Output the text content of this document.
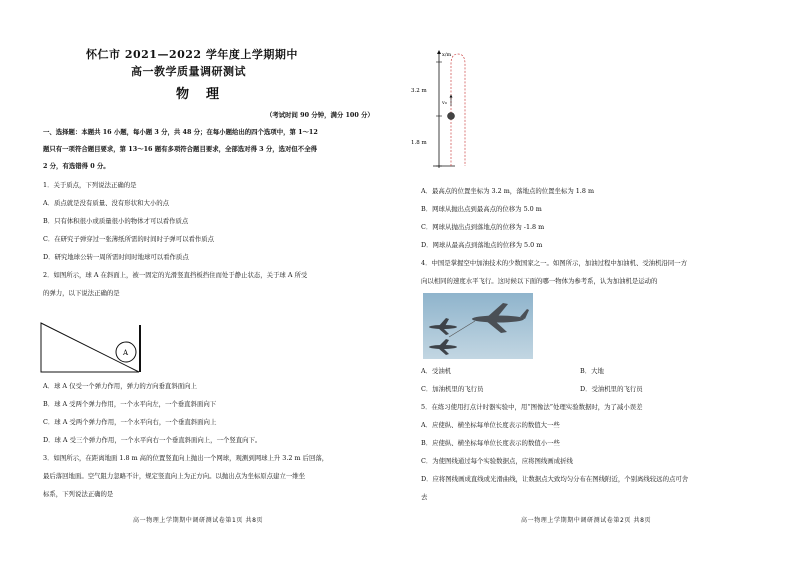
怀仁市 2021—2022 学年度上学期期中
高一教学质量调研测试
物　理
（考试时间 90 分钟，满分 100 分）
一、选择题：本题共 16 小题，每小题 3 分，共 48 分；在每小题给出的四个选项中，第 1～12
题只有一项符合题目要求，第 13～16 题有多项符合题目要求，全部选对得 3 分，选对但不全得
2 分，有选错得 0 分。
1．关于质点，下列说法正确的是
A．质点就是没有质量、没有形状和大小的点
B．只有体积很小或质量很小的物体才可以看作质点
C．在研究子弹穿过一张薄纸所需的时间时子弹可以看作质点
D．研究地球公转一周所需时间时地球可以看作质点
2．如图所示，球 A 在斜面上，被一固定的光滑竖直挡板挡住而处于静止状态，关于球 A 所受
的弹力，以下说法正确的是
A
A．球 A 仅受一个弹力作用，弹力的方向垂直斜面向上
B．球 A 受两个弹力作用，一个水平向左，一个垂直斜面向下
C．球 A 受两个弹力作用，一个水平向右，一个垂直斜面向上
D．球 A 受三个弹力作用，一个水平向右一个垂直斜面向上，一个竖直向下。
3．如图所示，在距离地面 1.8 m 高的位置竖直向上抛出一个网球，观测到网球上升 3.2 m 后回落，
最后落回地面。空气阻力忽略不计，规定竖直向上为正方向。以抛出点为坐标原点建立一维坐
标系，下列说法正确的是
高一物理上学期期中调研测试卷第1页 共8页
x/m
3.2 m
1.8 m
v₀
A．最高点的位置坐标为 3.2 m，落地点的位置坐标为 1.8 m
B．网球从抛出点到最高点的位移为 5.0 m
C．网球从抛出点到落地点的位移为 -1.8 m
D．网球从最高点到落地点的位移为 5.0 m
4．中国是掌握空中加油技术的少数国家之一。如图所示，加油过程中加油机、受油机沿同一方
向以相同的速度水平飞行。这时候以下面的哪一物体为参考系，认为加油机是运动的
A．受油机	B．大地
C．加油机里的飞行员	D．受油机里的飞行员
5．在练习使用打点计时器实验中，用“图像法”处理实验数据时，为了减小误差
A．应使纵、横坐标每单位长度表示的数值大一些
B．应使纵、横坐标每单位长度表示的数值小一些
C．为使图线通过每个实验数据点，应将图线画成折线
D．应将图线画成直线或光滑曲线，让数据点大致均匀分布在图线附近，个别离线较远的点可舍
去
高一物理上学期期中调研测试卷第2页 共8页
